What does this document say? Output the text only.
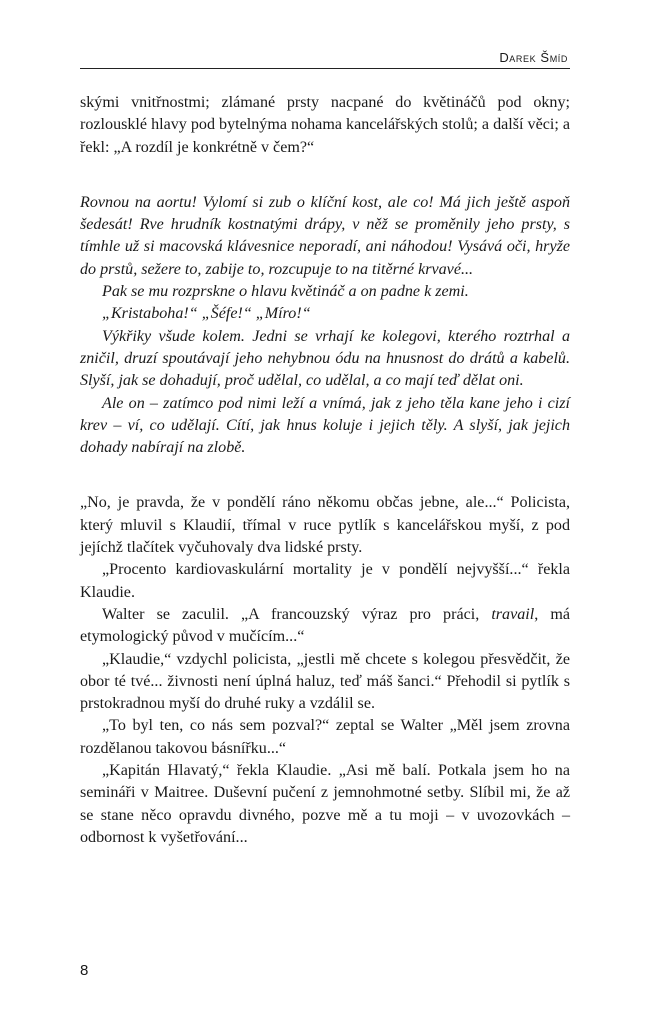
Darek Šmíd

skými vnitřnostmi; zlámané prsty nacpané do květináčů pod okny; rozlousklé hlavy pod bytelnýma nohama kancelářských stolů; a další věci; a řekl: „A rozdíl je konkrétně v čem?“

Rovnou na aortu! Vylomí si zub o klíční kost, ale co! Má jich ještě aspoň šedesát! Rve hrudník kostnatými drápy, v něž se proměnily jeho prsty, s tímhle už si macovská klávesnice neporadí, ani náhodou! Vysává oči, hryže do prstů, sežere to, zabije to, rozcupuje to na titěrné krvavé...

Pak se mu rozprskne o hlavu květináč a on padne k zemi.

„Kristaboha!“ „Šéfe!“ „Míro!“

Výkřiky všude kolem. Jedni se vrhají ke kolegovi, kterého roztrhal a zničil, druzí spoutávají jeho nehybnou ódu na hnusnost do drátů a kabelů. Slyší, jak se dohadují, proč udělal, co udělal, a co mají teď dělat oni.

Ale on – zatímco pod nimi leží a vnímá, jak z jeho těla kane jeho i cizí krev – ví, co udělají. Cítí, jak hnus koluje i jejich těly. A slyší, jak jejich dohady nabírají na zlobě.

„No, je pravda, že v pondělí ráno někomu občas jebne, ale...“ Policista, který mluvil s Klaudií, třímal v ruce pytlík s kancelářskou myší, z pod jejíchž tlačítek vyčuhovaly dva lidské prsty.

„Procento kardiovaskulární mortality je v pondělí nejvyšší...“ řekla Klaudie.

Walter se zaculil. „A francouzský výraz pro práci, travail, má etymologický původ v mučícím...“

„Klaudie,“ vzdychl policista, „jestli mě chcete s kolegou přesvědčit, že obor té tvé... živnosti není úplná haluz, teď máš šanci.“ Přehodil si pytlík s prstokradnou myší do druhé ruky a vzdálil se.

„To byl ten, co nás sem pozval?“ zeptal se Walter „Měl jsem zrovna rozdělanou takovou básnířku...“

„Kapitán Hlavatý,“ řekla Klaudie. „Asi mě balí. Potkala jsem ho na semináři v Maitree. Duševní pučení z jemnohmotné setby. Slíbil mi, že až se stane něco opravdu divného, pozve mě a tu moji – v uvozovkách – odbornost k vyšetřování...

8
